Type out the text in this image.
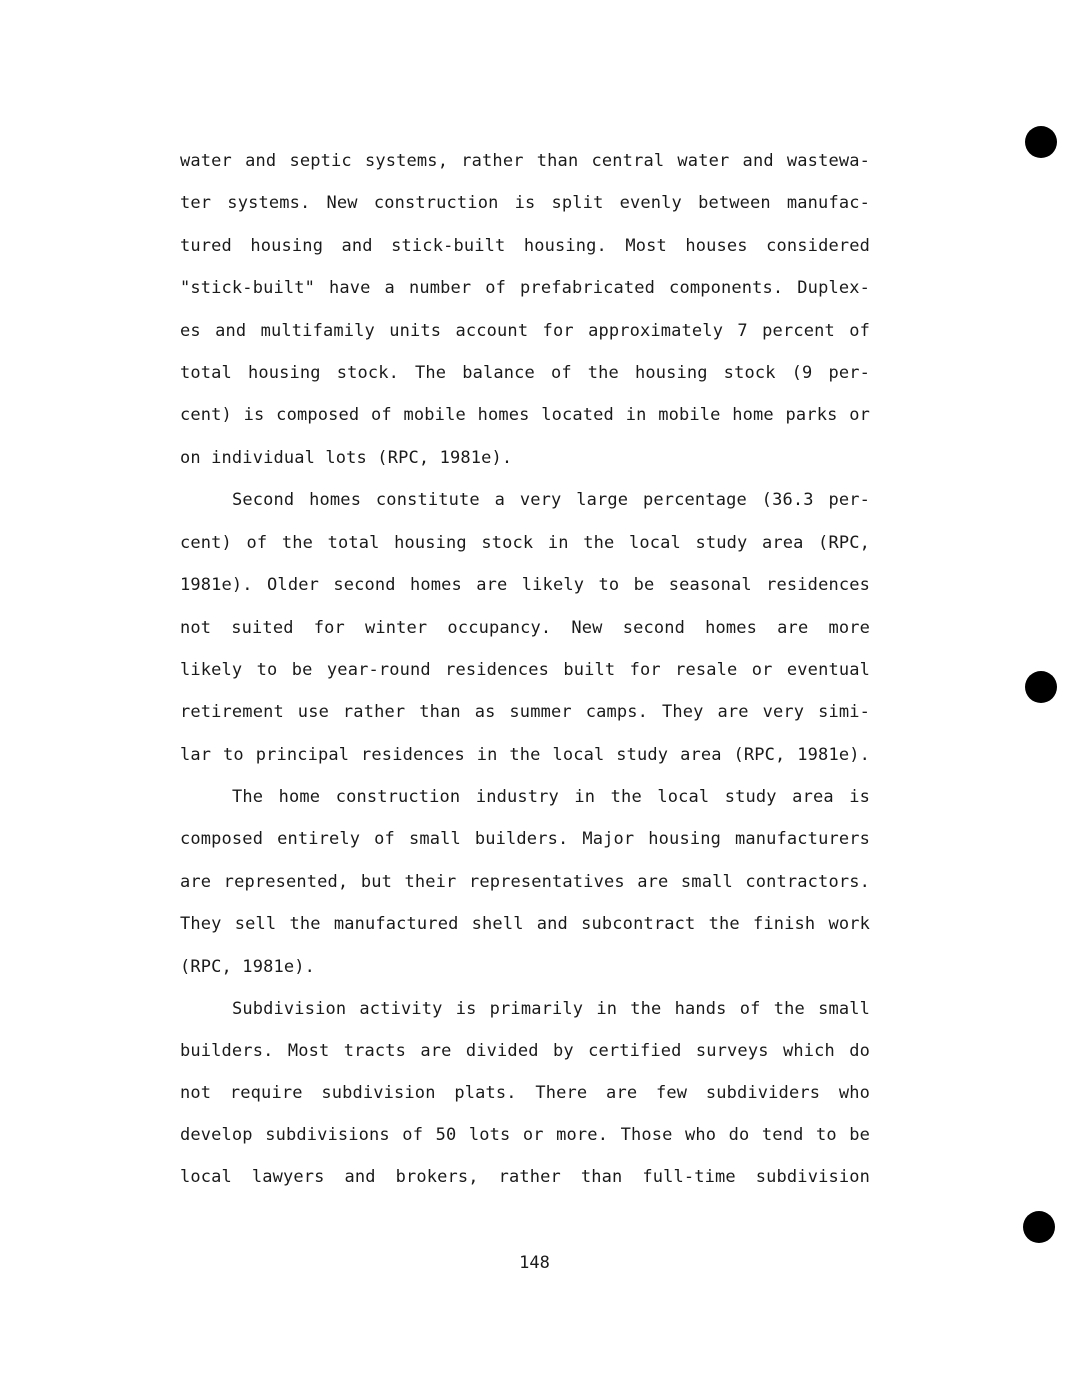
water and septic systems, rather than central water and wastewa-
ter systems. New construction is split evenly between manufac-
tured housing and stick-built housing. Most houses considered
"stick-built" have a number of prefabricated components. Duplex-
es and multifamily units account for approximately 7 percent of
total housing stock. The balance of the housing stock (9 per-
cent) is composed of mobile homes located in mobile home parks or
on individual lots (RPC, 1981e).
Second homes constitute a very large percentage (36.3 per-
cent) of the total housing stock in the local study area (RPC,
1981e). Older second homes are likely to be seasonal residences
not suited for winter occupancy. New second homes are more
likely to be year-round residences built for resale or eventual
retirement use rather than as summer camps. They are very simi-
lar to principal residences in the local study area (RPC, 1981e).
The home construction industry in the local study area is
composed entirely of small builders. Major housing manufacturers
are represented, but their representatives are small contractors.
They sell the manufactured shell and subcontract the finish work
(RPC, 1981e).
Subdivision activity is primarily in the hands of the small
builders. Most tracts are divided by certified surveys which do
not require subdivision plats. There are few subdividers who
develop subdivisions of 50 lots or more. Those who do tend to be
local lawyers and brokers, rather than full-time subdivision
148
